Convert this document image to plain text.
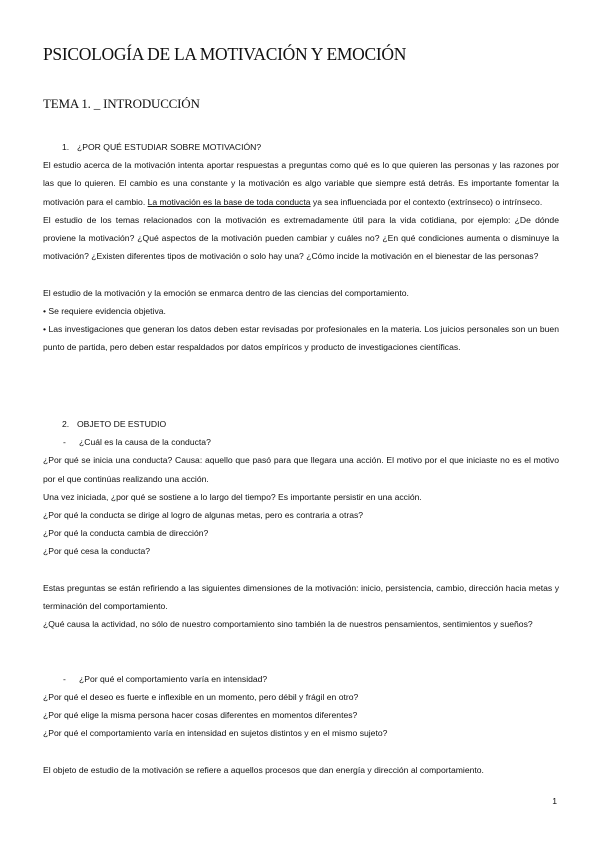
PSICOLOGÍA DE LA MOTIVACIÓN Y EMOCIÓN
TEMA 1. _ INTRODUCCIÓN

1. ¿POR QUÉ ESTUDIAR SOBRE MOTIVACIÓN?

El estudio acerca de la motivación intenta aportar respuestas a preguntas como qué es lo que quieren las personas y las razones por las que lo quieren. El cambio es una constante y la motivación es algo variable que siempre está detrás. Es importante fomentar la motivación para el cambio. La motivación es la base de toda conducta ya sea influenciada por el contexto (extrínseco) o intrínseco.

El estudio de los temas relacionados con la motivación es extremadamente útil para la vida cotidiana, por ejemplo: ¿De dónde proviene la motivación? ¿Qué aspectos de la motivación pueden cambiar y cuáles no? ¿En qué condiciones aumenta o disminuye la motivación? ¿Existen diferentes tipos de motivación o solo hay una? ¿Cómo incide la motivación en el bienestar de las personas?

El estudio de la motivación y la emoción se enmarca dentro de las ciencias del comportamiento.

• Se requiere evidencia objetiva.

• Las investigaciones que generan los datos deben estar revisadas por profesionales en la materia. Los juicios personales son un buen punto de partida, pero deben estar respaldados por datos empíricos y producto de investigaciones científicas.

2. OBJETO DE ESTUDIO

- ¿Cuál es la causa de la conducta?

¿Por qué se inicia una conducta? Causa: aquello que pasó para que llegara una acción. El motivo por el que iniciaste no es el motivo por el que continúas realizando una acción.

Una vez iniciada, ¿por qué se sostiene a lo largo del tiempo? Es importante persistir en una acción.

¿Por qué la conducta se dirige al logro de algunas metas, pero es contraria a otras?

¿Por qué la conducta cambia de dirección?

¿Por qué cesa la conducta?

Estas preguntas se están refiriendo a las siguientes dimensiones de la motivación: inicio, persistencia, cambio, dirección hacia metas y terminación del comportamiento.

¿Qué causa la actividad, no sólo de nuestro comportamiento sino también la de nuestros pensamientos, sentimientos y sueños?

- ¿Por qué el comportamiento varía en intensidad?

¿Por qué el deseo es fuerte e inflexible en un momento, pero débil y frágil en otro?

¿Por qué elige la misma persona hacer cosas diferentes en momentos diferentes?

¿Por qué el comportamiento varía en intensidad en sujetos distintos y en el mismo sujeto?

El objeto de estudio de la motivación se refiere a aquellos procesos que dan energía y dirección al comportamiento.

1
